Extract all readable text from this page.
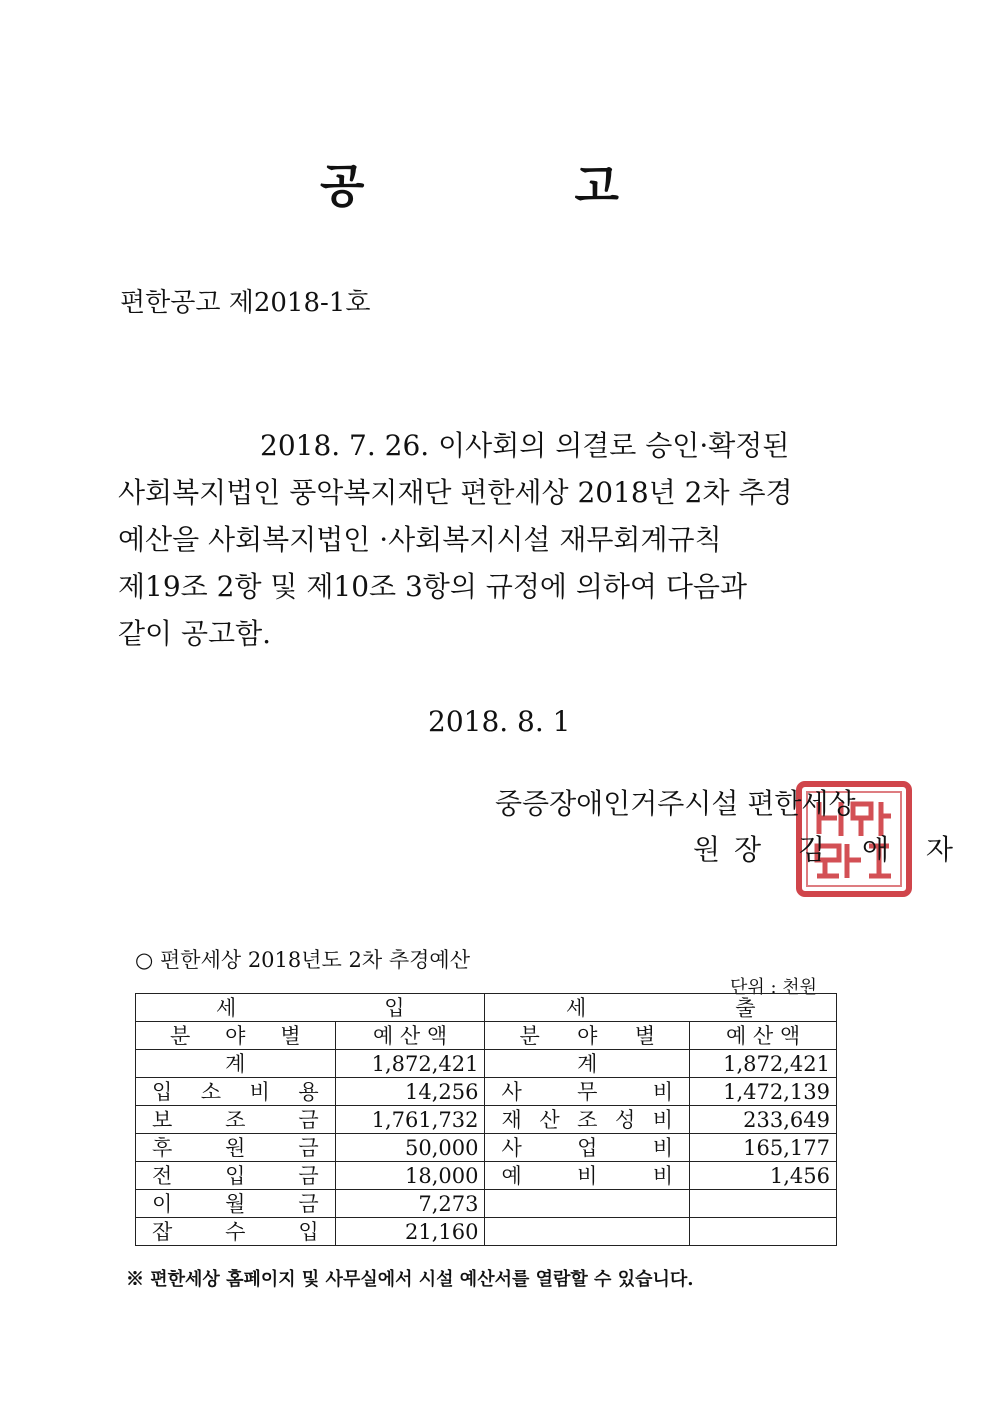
공	고
편한공고 제2018-1호
2018. 7. 26. 이사회의 의결로 승인·확정된
사회복지법인 풍악복지재단 편한세상 2018년 2차 추경
예산을 사회복지법인 ·사회복지시설 재무회계규칙
제19조 2항 및 제10조 3항의 규정에 의하여 다음과
같이 공고함.
2018. 8. 1
중증장애인거주시설 편한세상
원장 김 애 자
○ 편한세상 2018년도 2차 추경예산
단위 : 천원
세 입		세 출	

분 야 별	예 산 액	분 야 별	예 산 액
계	1,872,421	계	1,872,421

입 소 비 용	14,256	사 무 비	1,472,139

보 조 금	1,761,732	재 산 조 성 비	233,649

후 원 금	50,000	사 업 비	165,177

전 입 금	18,000	예 비 비	1,456

이 월 금	7,273		

잡 수 입	21,160		
※ 편한세상 홈페이지 및 사무실에서 시설 예산서를 열람할 수 있습니다.
